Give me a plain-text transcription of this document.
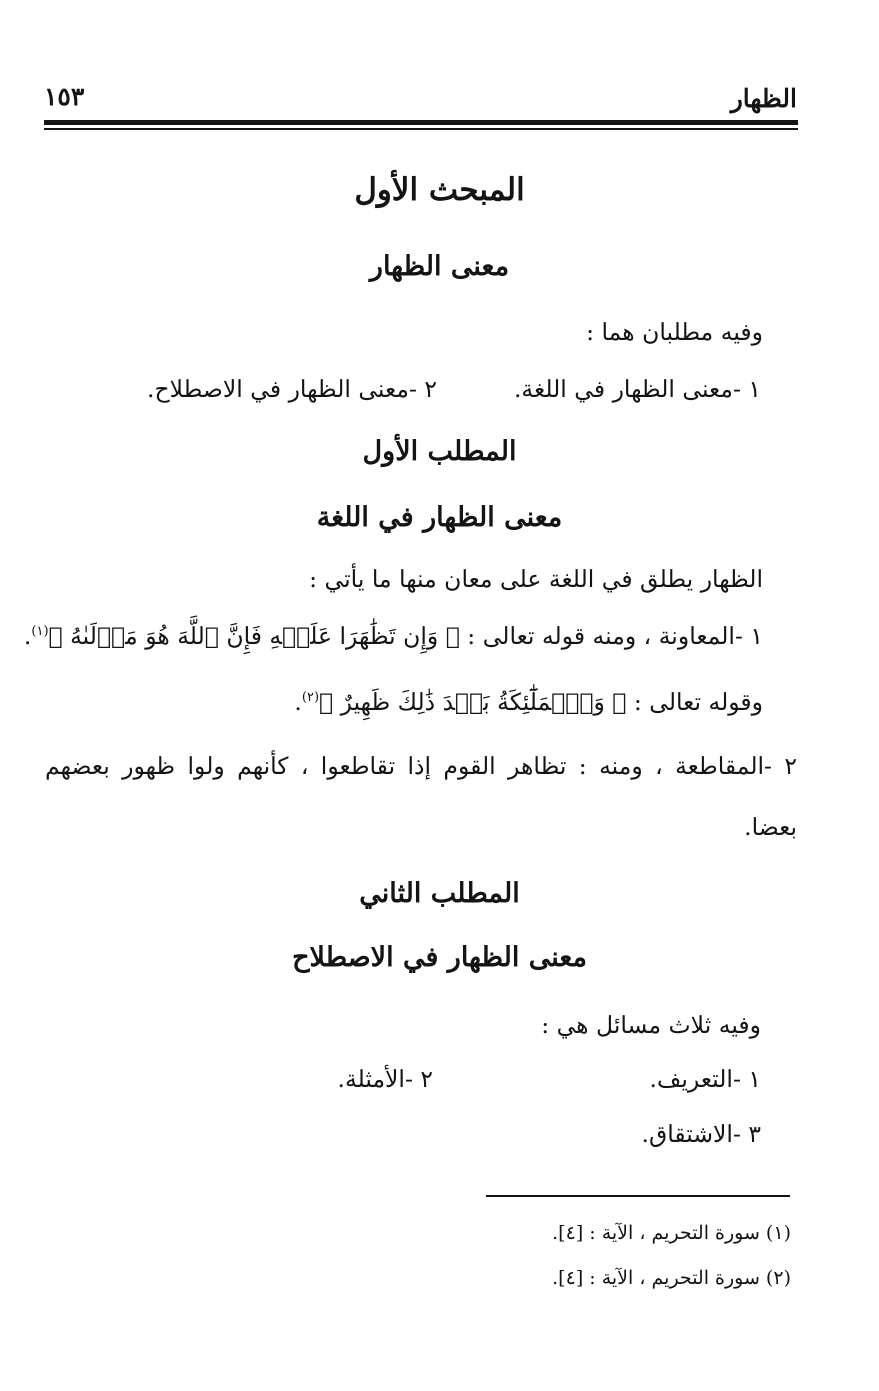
الظهار
١٥٣
المبحث الأول
معنى الظهار
وفيه مطلبان هما :
١ -معنى الظهار في اللغة.
٢ -معنى الظهار في الاصطلاح.
المطلب الأول
معنى الظهار في اللغة
الظهار يطلق في اللغة على معان منها ما يأتي :
١ -المعاونة ، ومنه قوله تعالى : ﴿ وَإِن تَظَٰهَرَا عَلَيۡهِ فَإِنَّ ٱللَّهَ هُوَ مَوۡلَىٰهُ ﴾$^{(١)}$.
وقوله تعالى : ﴿ وَٱلۡمَلَٰٓئِكَةُ بَعۡدَ ذَٰلِكَ ظَهِيرٌ ﴾$^{(٢)}$.
٢ -المقاطعة ، ومنه : تظاهر القوم إذا تقاطعوا ، كأنهم ولوا ظهور بعضهم
بعضا.
المطلب الثاني
معنى الظهار في الاصطلاح
وفيه ثلاث مسائل هي :
١ -التعريف.
٢ -الأمثلة.
٣ -الاشتقاق.
(١) سورة التحريم ، الآية : [٤].
(٢) سورة التحريم ، الآية : [٤].
